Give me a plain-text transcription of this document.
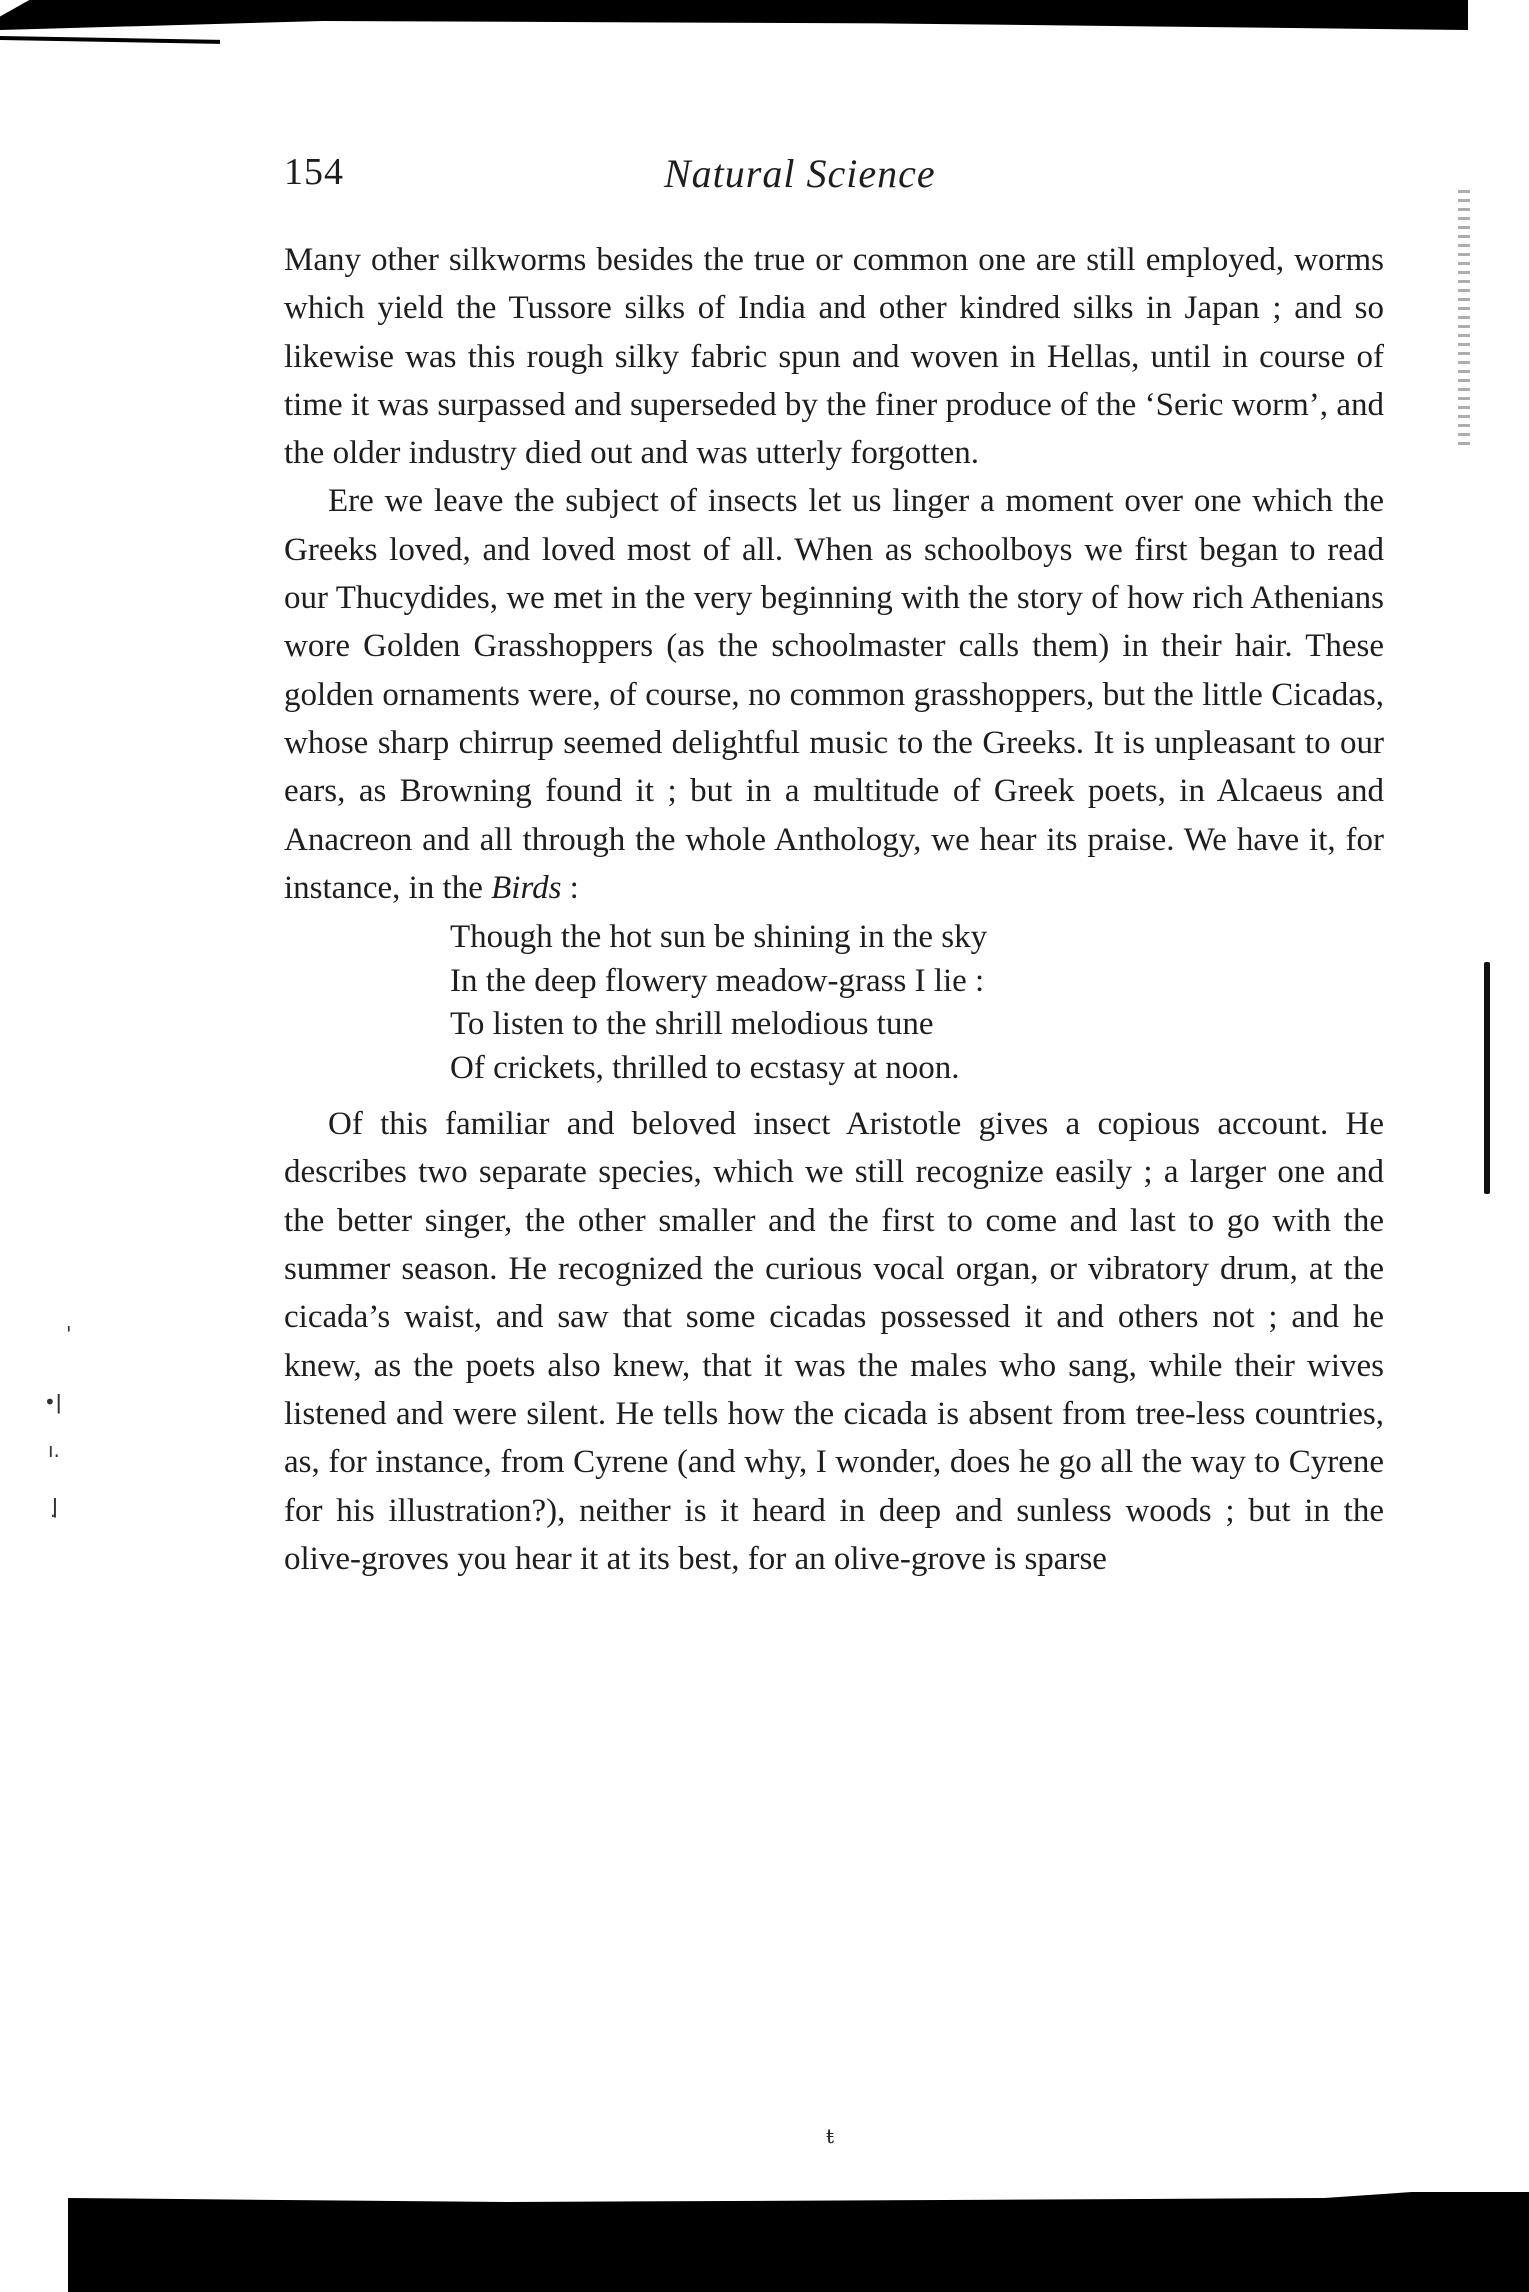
'
•ǀ
ı.
ǀ̣
ŧ
154	Natural Science

Many other silkworms besides the true or common one are still employed, worms which yield the Tussore silks of India and other kindred silks in Japan ; and so likewise was this rough silky fabric spun and woven in Hellas, until in course of time it was surpassed and superseded by the finer produce of the ‘Seric worm’, and the older industry died out and was utterly forgotten.

Ere we leave the subject of insects let us linger a moment over one which the Greeks loved, and loved most of all. When as schoolboys we first began to read our Thucydides, we met in the very beginning with the story of how rich Athenians wore Golden Grasshoppers (as the schoolmaster calls them) in their hair. These golden ornaments were, of course, no common grasshoppers, but the little Cicadas, whose sharp chirrup seemed delightful music to the Greeks. It is unpleasant to our ears, as Browning found it ; but in a multitude of Greek poets, in Alcaeus and Anacreon and all through the whole Anthology, we hear its praise. We have it, for instance, in the Birds :

Though the hot sun be shining in the sky
In the deep flowery meadow-grass I lie :
To listen to the shrill melodious tune
Of crickets, thrilled to ecstasy at noon.

Of this familiar and beloved insect Aristotle gives a copious account. He describes two separate species, which we still recognize easily ; a larger one and the better singer, the other smaller and the first to come and last to go with the summer season. He recognized the curious vocal organ, or vibratory drum, at the cicada’s waist, and saw that some cicadas possessed it and others not ; and he knew, as the poets also knew, that it was the males who sang, while their wives listened and were silent. He tells how the cicada is absent from tree-less countries, as, for instance, from Cyrene (and why, I wonder, does he go all the way to Cyrene for his illustration?), neither is it heard in deep and sunless woods ; but in the olive-groves you hear it at its best, for an olive-grove is sparse
